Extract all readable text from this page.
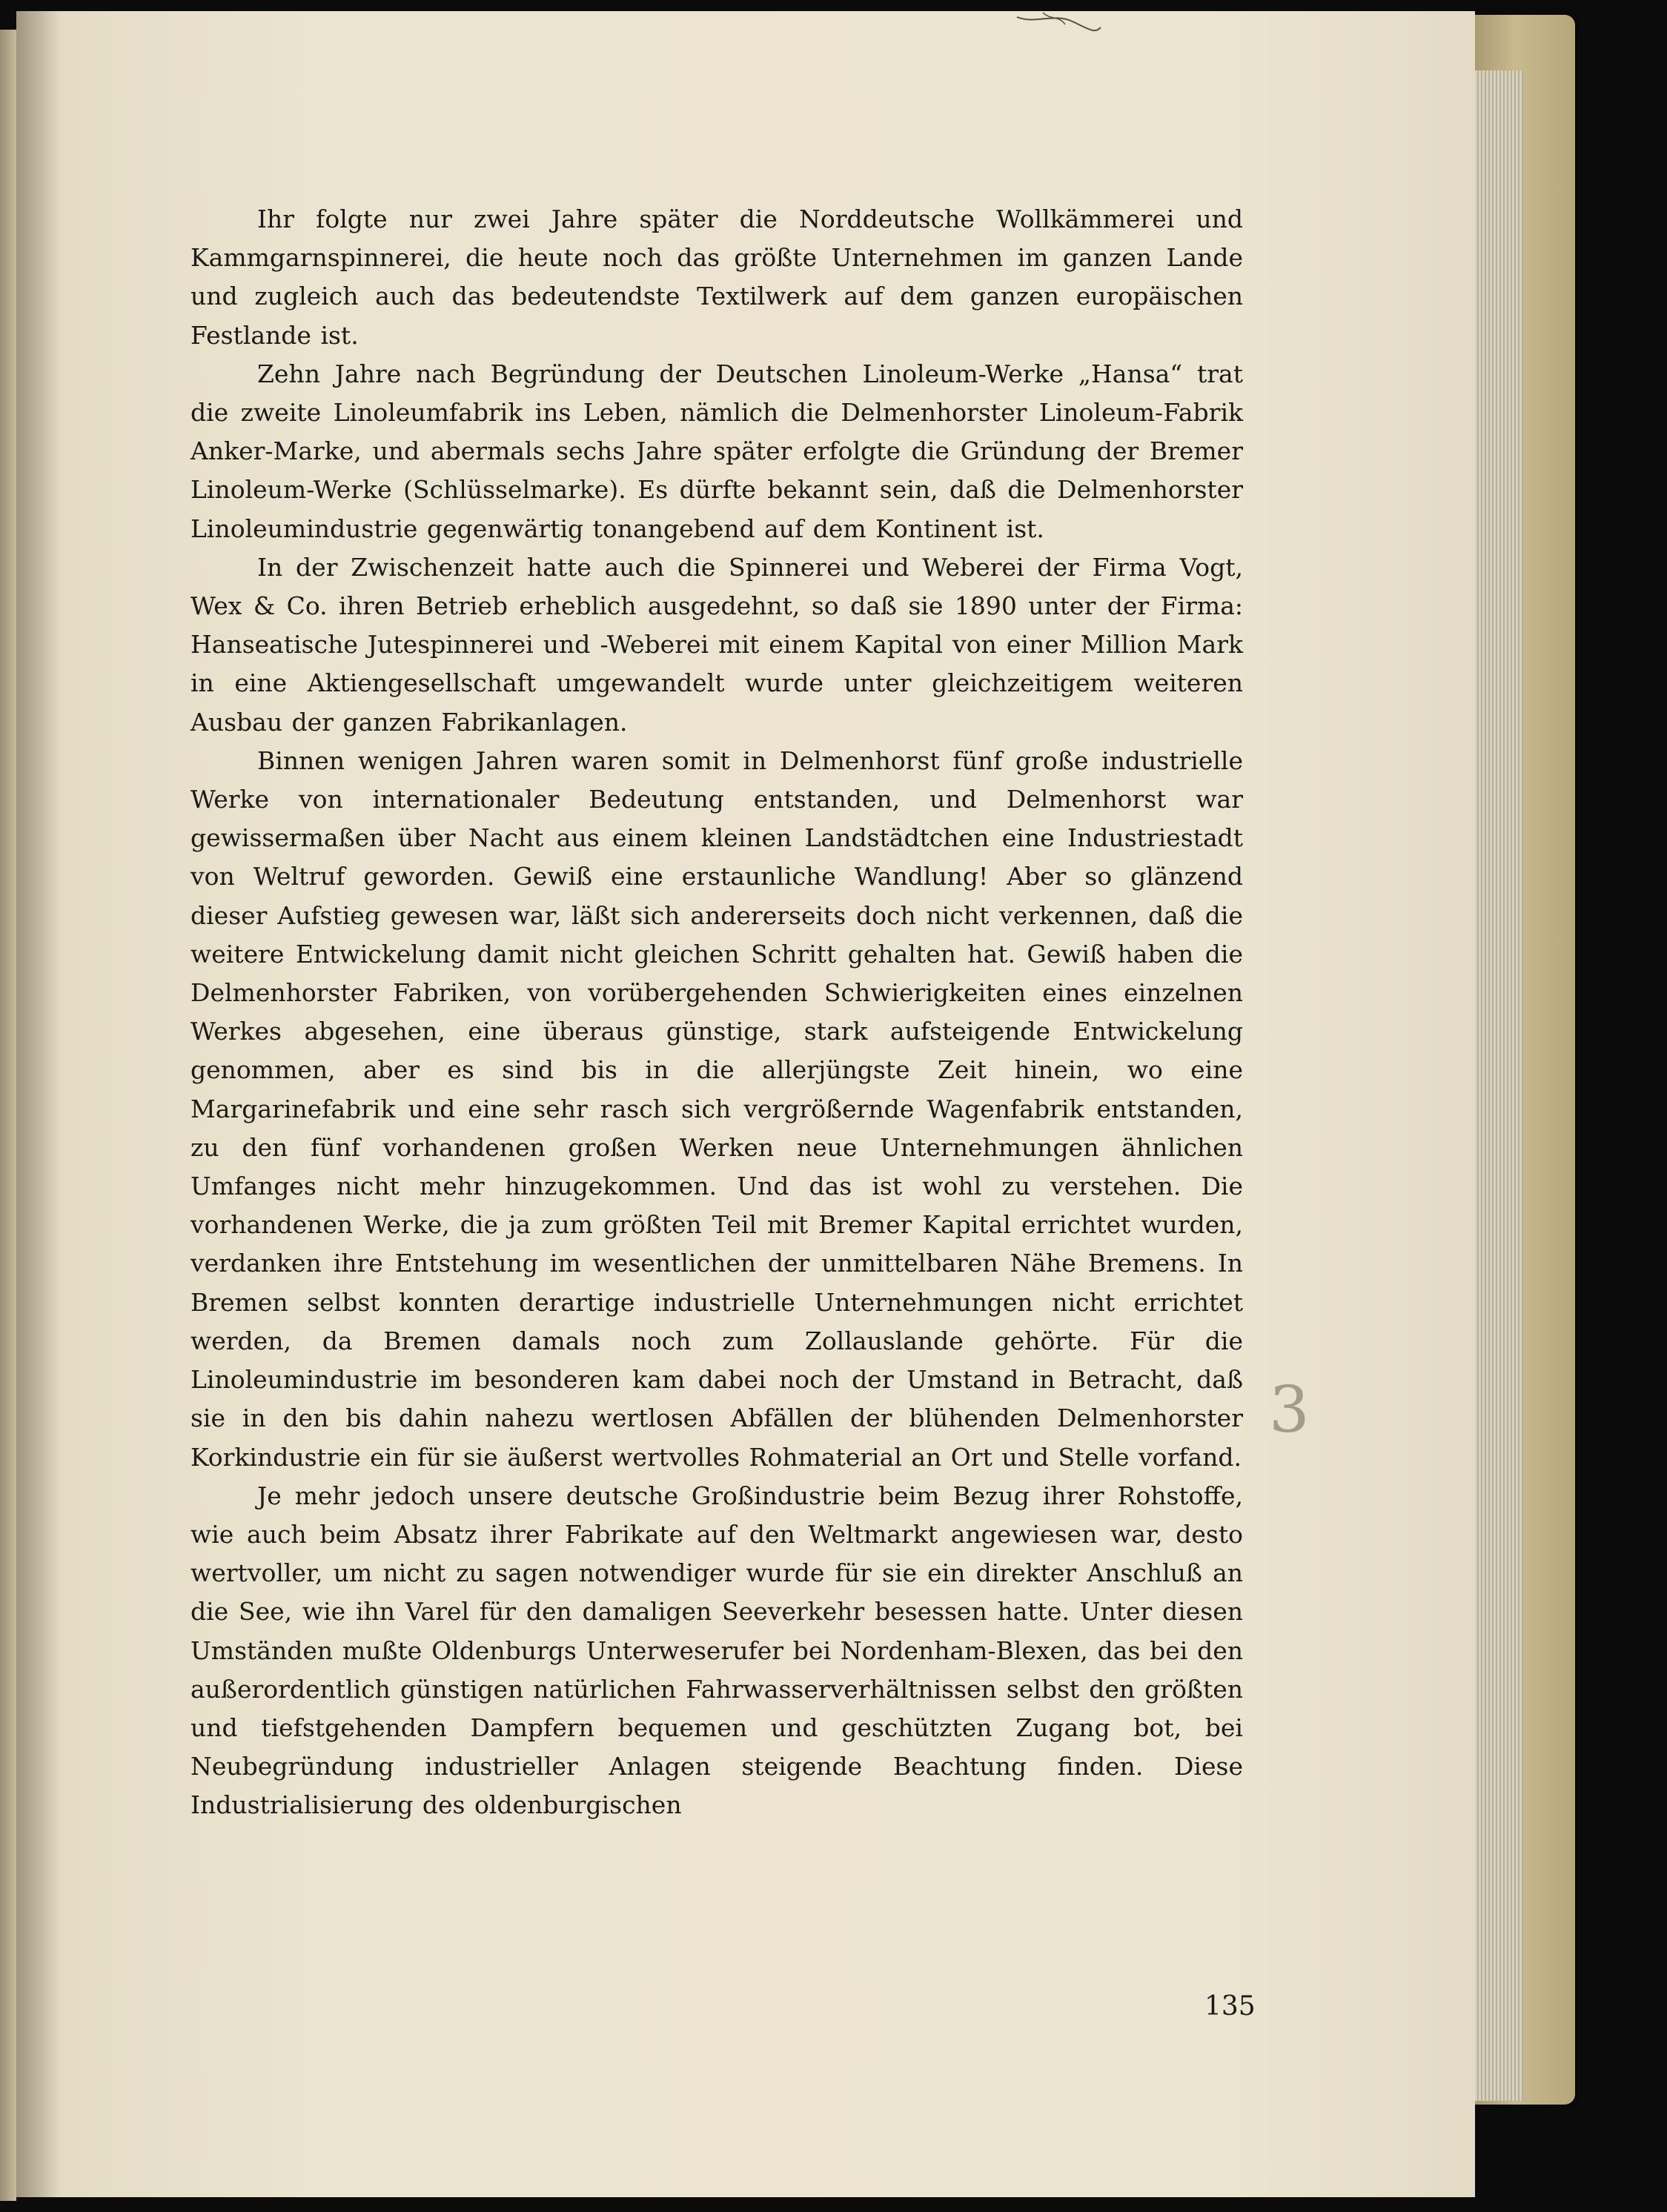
Ihr folgte nur zwei Jahre später die Norddeutsche Wollkämmerei und Kammgarnspinnerei, die heute noch das größte Unternehmen im ganzen Lande und zugleich auch das bedeutendste Textilwerk auf dem ganzen europäischen Festlande ist.

Zehn Jahre nach Begründung der Deutschen Linoleum-Werke „Hansa“ trat die zweite Linoleumfabrik ins Leben, nämlich die Delmenhorster Linoleum-Fabrik Anker-Marke, und abermals sechs Jahre später erfolgte die Gründung der Bremer Linoleum-Werke (Schlüsselmarke). Es dürfte bekannt sein, daß die Delmenhorster Linoleumindustrie gegenwärtig tonangebend auf dem Kontinent ist.

In der Zwischenzeit hatte auch die Spinnerei und Weberei der Firma Vogt, Wex & Co. ihren Betrieb erheblich ausgedehnt, so daß sie 1890 unter der Firma: Hanseatische Jutespinnerei und -Weberei mit einem Kapital von einer Million Mark in eine Aktiengesellschaft umgewandelt wurde unter gleichzeitigem weiteren Ausbau der ganzen Fabrikanlagen.

Binnen wenigen Jahren waren somit in Delmenhorst fünf große industrielle Werke von internationaler Bedeutung entstanden, und Delmenhorst war gewissermaßen über Nacht aus einem kleinen Landstädtchen eine Industriestadt von Weltruf geworden. Gewiß eine erstaunliche Wandlung! Aber so glänzend dieser Aufstieg gewesen war, läßt sich andererseits doch nicht verkennen, daß die weitere Entwickelung damit nicht gleichen Schritt gehalten hat. Gewiß haben die Delmenhorster Fabriken, von vorübergehenden Schwierigkeiten eines einzelnen Werkes abgesehen, eine überaus günstige, stark aufsteigende Entwickelung genommen, aber es sind bis in die allerjüngste Zeit hinein, wo eine Margarinefabrik und eine sehr rasch sich vergrößernde Wagenfabrik entstanden, zu den fünf vorhandenen großen Werken neue Unternehmungen ähnlichen Umfanges nicht mehr hinzugekommen. Und das ist wohl zu verstehen. Die vorhandenen Werke, die ja zum größten Teil mit Bremer Kapital errichtet wurden, verdanken ihre Entstehung im wesentlichen der unmittelbaren Nähe Bremens. In Bremen selbst konnten derartige industrielle Unternehmungen nicht errichtet werden, da Bremen damals noch zum Zollauslande gehörte. Für die Linoleumindustrie im besonderen kam dabei noch der Umstand in Betracht, daß sie in den bis dahin nahezu wertlosen Abfällen der blühenden Delmenhorster Korkindustrie ein für sie äußerst wertvolles Rohmaterial an Ort und Stelle vorfand.

Je mehr jedoch unsere deutsche Großindustrie beim Bezug ihrer Rohstoffe, wie auch beim Absatz ihrer Fabrikate auf den Weltmarkt angewiesen war, desto wertvoller, um nicht zu sagen notwendiger wurde für sie ein direkter Anschluß an die See, wie ihn Varel für den damaligen Seeverkehr besessen hatte. Unter diesen Umständen mußte Oldenburgs Unterweserufer bei Nordenham-Blexen, das bei den außerordentlich günstigen natürlichen Fahrwasserverhältnissen selbst den größten und tiefstgehenden Dampfern bequemen und geschützten Zugang bot, bei Neubegründung industrieller Anlagen steigende Beachtung finden. Diese Industrialisierung des oldenburgischen

3
135
